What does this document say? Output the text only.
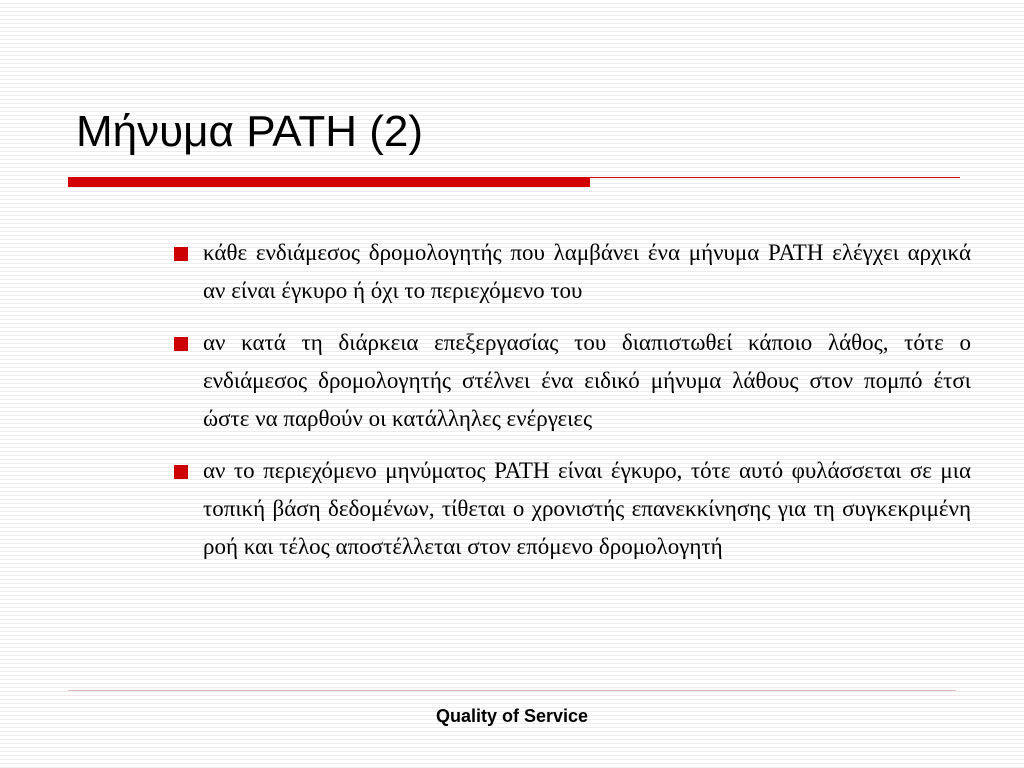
Μήνυμα PATH (2)
κάθε ενδιάμεσος δρομολογητής που λαμβάνει ένα μήνυμα PATH ελέγχει αρχικά αν είναι έγκυρο ή όχι το περιεχόμενο του
αν κατά τη διάρκεια επεξεργασίας του διαπιστωθεί κάποιο λάθος, τότε ο ενδιάμεσος δρομολογητής στέλνει ένα ειδικό μήνυμα λάθους στον πομπό έτσι ώστε να παρθούν οι κατάλληλες ενέργειες
αν το περιεχόμενο μηνύματος PATH είναι έγκυρο, τότε αυτό φυλάσσεται σε μια τοπική βάση δεδομένων, τίθεται ο χρονιστής επανεκκίνησης για τη συγκεκριμένη ροή και τέλος αποστέλλεται στον επόμενο δρομολογητή
Quality of Service
